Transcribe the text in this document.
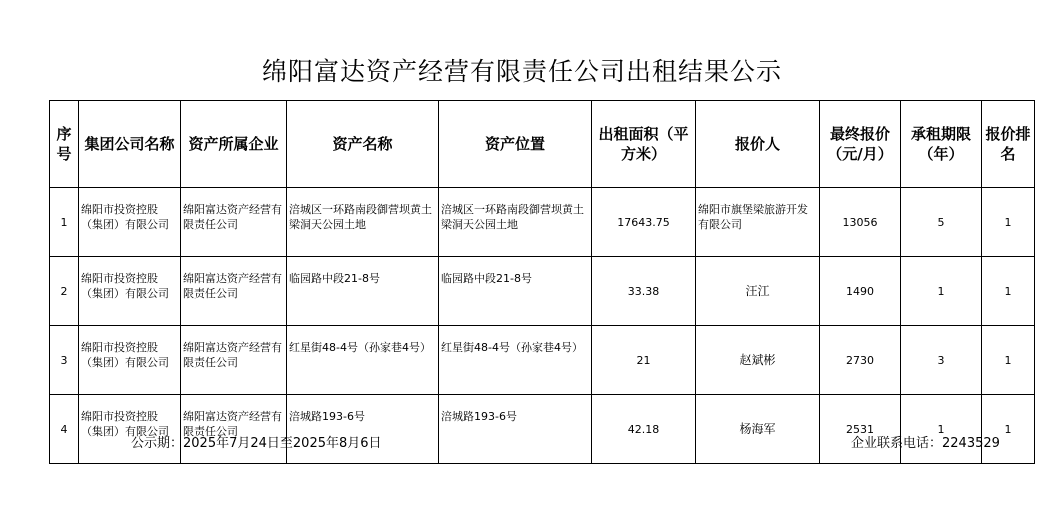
绵阳富达资产经营有限责任公司出租结果公示
序号	集团公司名称	资产所属企业	资产名称	资产位置	出租面积（平方米）	报价人	最终报价（元/月）	承租期限（年）	报价排名
1	绵阳市投资控股（集团）有限公司	绵阳富达资产经营有限责任公司	涪城区一环路南段御营坝黄土梁洞天公园土地	涪城区一环路南段御营坝黄土梁洞天公园土地	17643.75	绵阳市旗堡梁旅游开发有限公司	13056	5	1
2	绵阳市投资控股（集团）有限公司	绵阳富达资产经营有限责任公司	临园路中段21-8号	临园路中段21-8号	33.38	汪江	1490	1	1
3	绵阳市投资控股（集团）有限公司	绵阳富达资产经营有限责任公司	红星街48-4号（孙家巷4号）	红星街48-4号（孙家巷4号）	21	赵斌彬	2730	3	1
4	绵阳市投资控股（集团）有限公司	绵阳富达资产经营有限责任公司	涪城路193-6号	涪城路193-6号	42.18	杨海军	2531	1	1
公示期：2025年7月24日至2025年8月6日	企业联系电话：2243529
